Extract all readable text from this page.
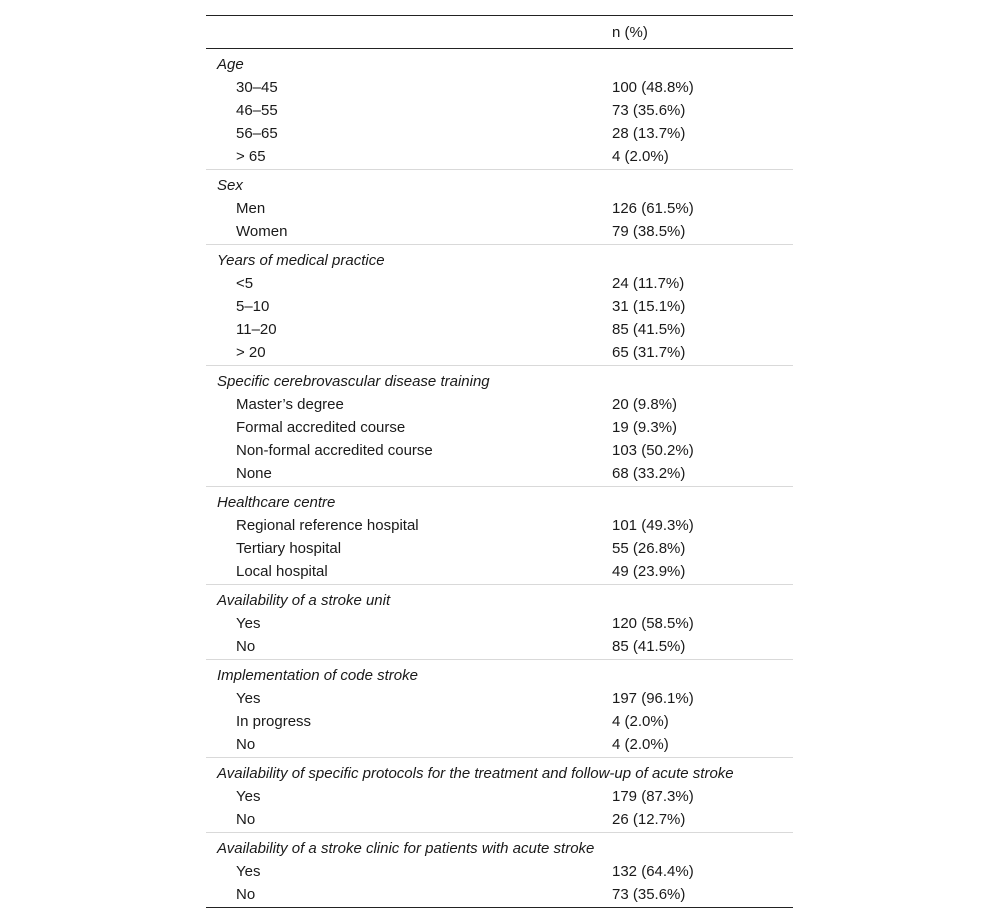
n (%)
Age
30–45	100 (48.8%)
46–55	73 (35.6%)
56–65	28 (13.7%)
> 65	4 (2.0%)
Sex
Men	126 (61.5%)
Women	79 (38.5%)
Years of medical practice
<5	24 (11.7%)
5–10	31 (15.1%)
11–20	85 (41.5%)
> 20	65 (31.7%)
Specific cerebrovascular disease training
Master’s degree	20 (9.8%)
Formal accredited course	19 (9.3%)
Non-formal accredited course	103 (50.2%)
None	68 (33.2%)
Healthcare centre
Regional reference hospital	101 (49.3%)
Tertiary hospital	55 (26.8%)
Local hospital	49 (23.9%)
Availability of a stroke unit
Yes	120 (58.5%)
No	85 (41.5%)
Implementation of code stroke
Yes	197 (96.1%)
In progress	4 (2.0%)
No	4 (2.0%)
Availability of specific protocols for the treatment and follow-up of acute stroke
Yes	179 (87.3%)
No	26 (12.7%)
Availability of a stroke clinic for patients with acute stroke
Yes	132 (64.4%)
No	73 (35.6%)
